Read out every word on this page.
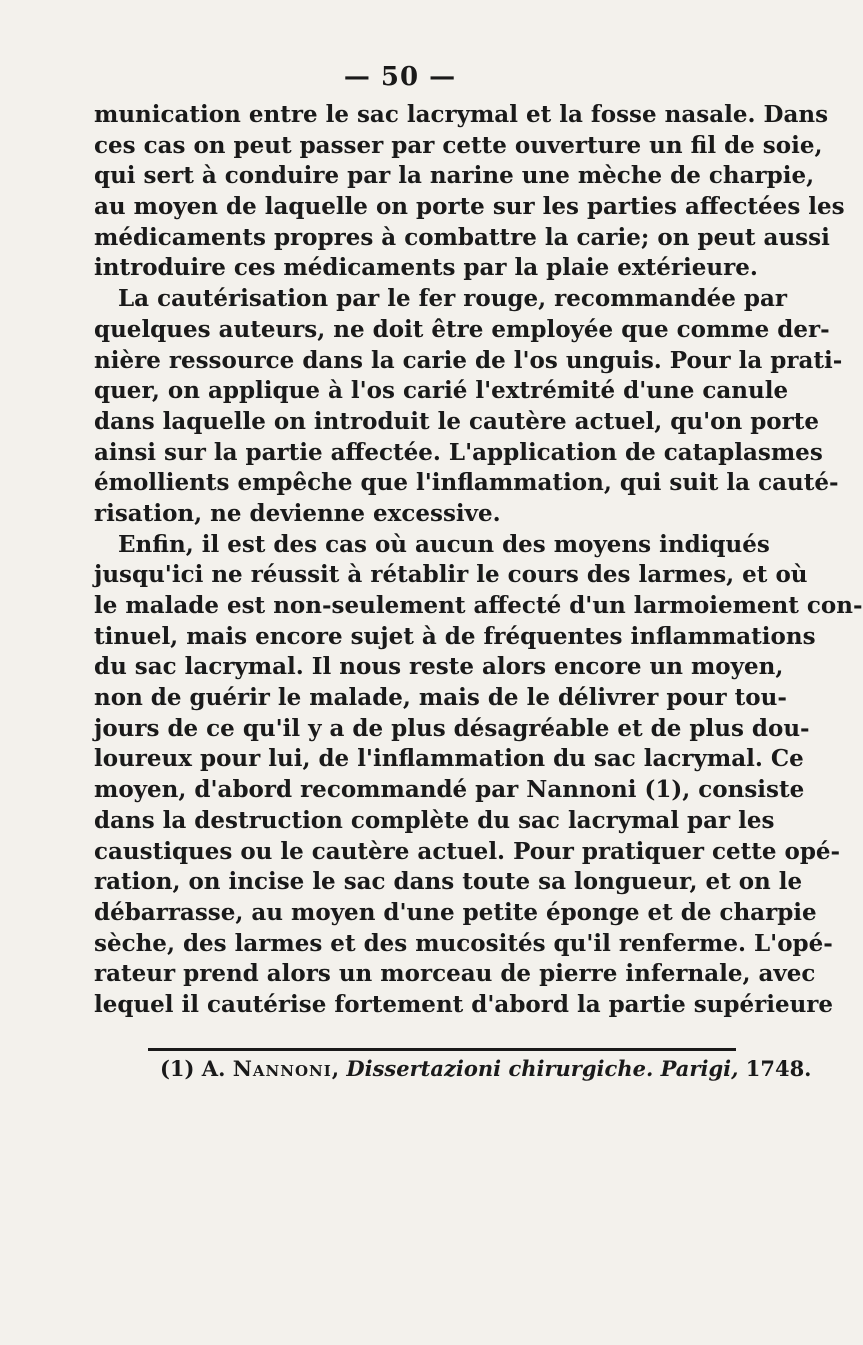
— 50 —
munication entre le sac lacrymal et la fosse nasale. Dans
ces cas on peut passer par cette ouverture un fil de soie,
qui sert à conduire par la narine une mèche de charpie,
au moyen de laquelle on porte sur les parties affectées les
médicaments propres à combattre la carie; on peut aussi
introduire ces médicaments par la plaie extérieure.
La cautérisation par le fer rouge, recommandée par
quelques auteurs, ne doit être employée que comme der-
nière ressource dans la carie de l'os unguis. Pour la prati-
quer, on applique à l'os carié l'extrémité d'une canule
dans laquelle on introduit le cautère actuel, qu'on porte
ainsi sur la partie affectée. L'application de cataplasmes
émollients empêche que l'inflammation, qui suit la cauté-
risation, ne devienne excessive.
Enfin, il est des cas où aucun des moyens indiqués
jusqu'ici ne réussit à rétablir le cours des larmes, et où
le malade est non-seulement affecté d'un larmoiement con-
tinuel, mais encore sujet à de fréquentes inflammations
du sac lacrymal. Il nous reste alors encore un moyen,
non de guérir le malade, mais de le délivrer pour tou-
jours de ce qu'il y a de plus désagréable et de plus dou-
loureux pour lui, de l'inflammation du sac lacrymal. Ce
moyen, d'abord recommandé par Nannoni (1), consiste
dans la destruction complète du sac lacrymal par les
caustiques ou le cautère actuel. Pour pratiquer cette opé-
ration, on incise le sac dans toute sa longueur, et on le
débarrasse, au moyen d'une petite éponge et de charpie
sèche, des larmes et des mucosités qu'il renferme. L'opé-
rateur prend alors un morceau de pierre infernale, avec
lequel il cautérise fortement d'abord la partie supérieure
(1) A. Nannoni, Dissertazioni chirurgiche. Parigi, 1748.
